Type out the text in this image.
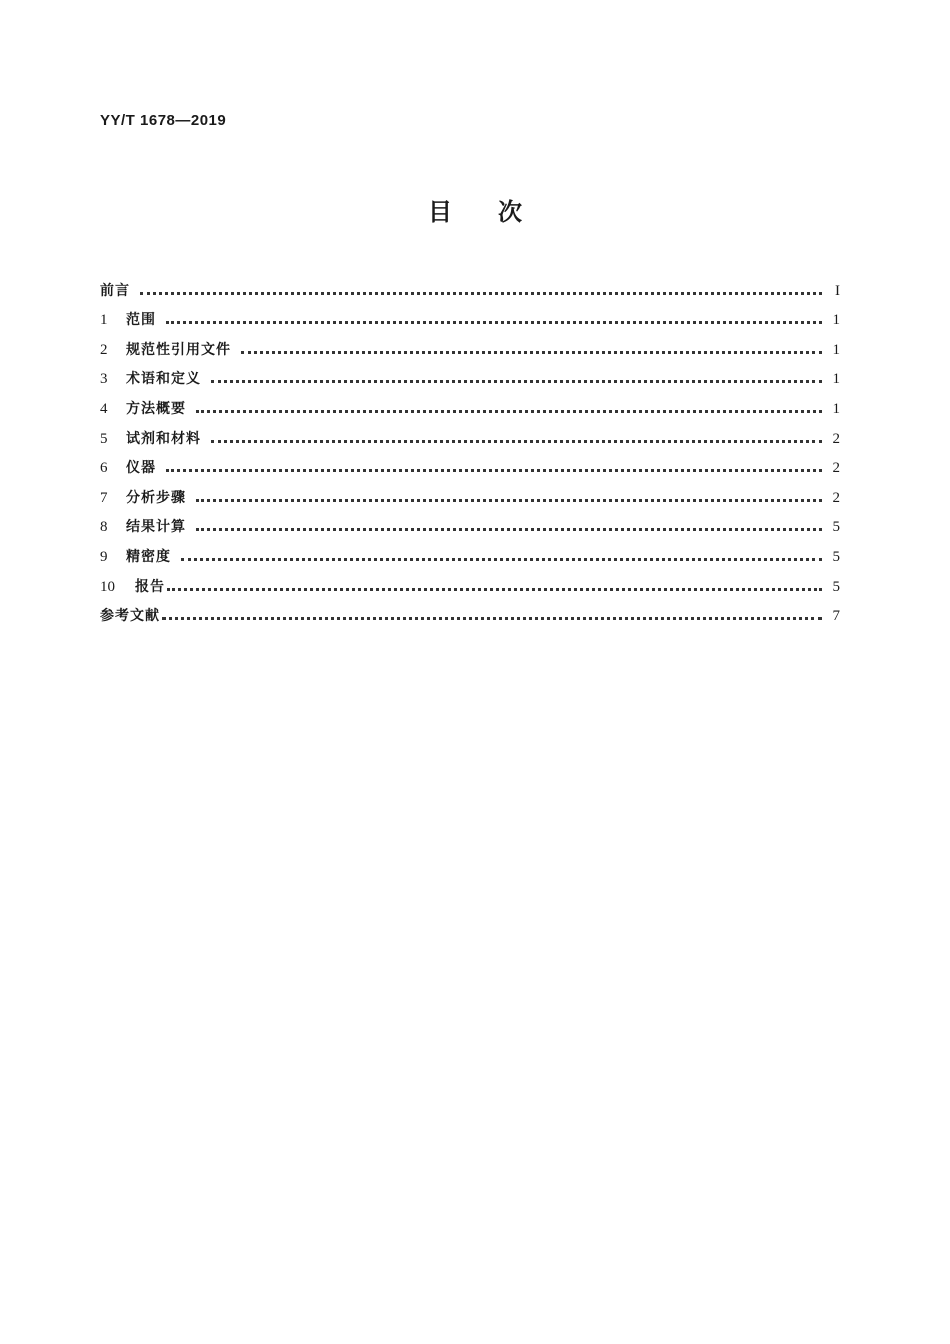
YY/T 1678—2019
目次
前言	I
1	范围	1
2	规范性引用文件	1
3	术语和定义	1
4	方法概要	1
5	试剂和材料	2
6	仪器	2
7	分析步骤	2
8	结果计算	5
9	精密度	5
10	报告	5
参考文献	7
